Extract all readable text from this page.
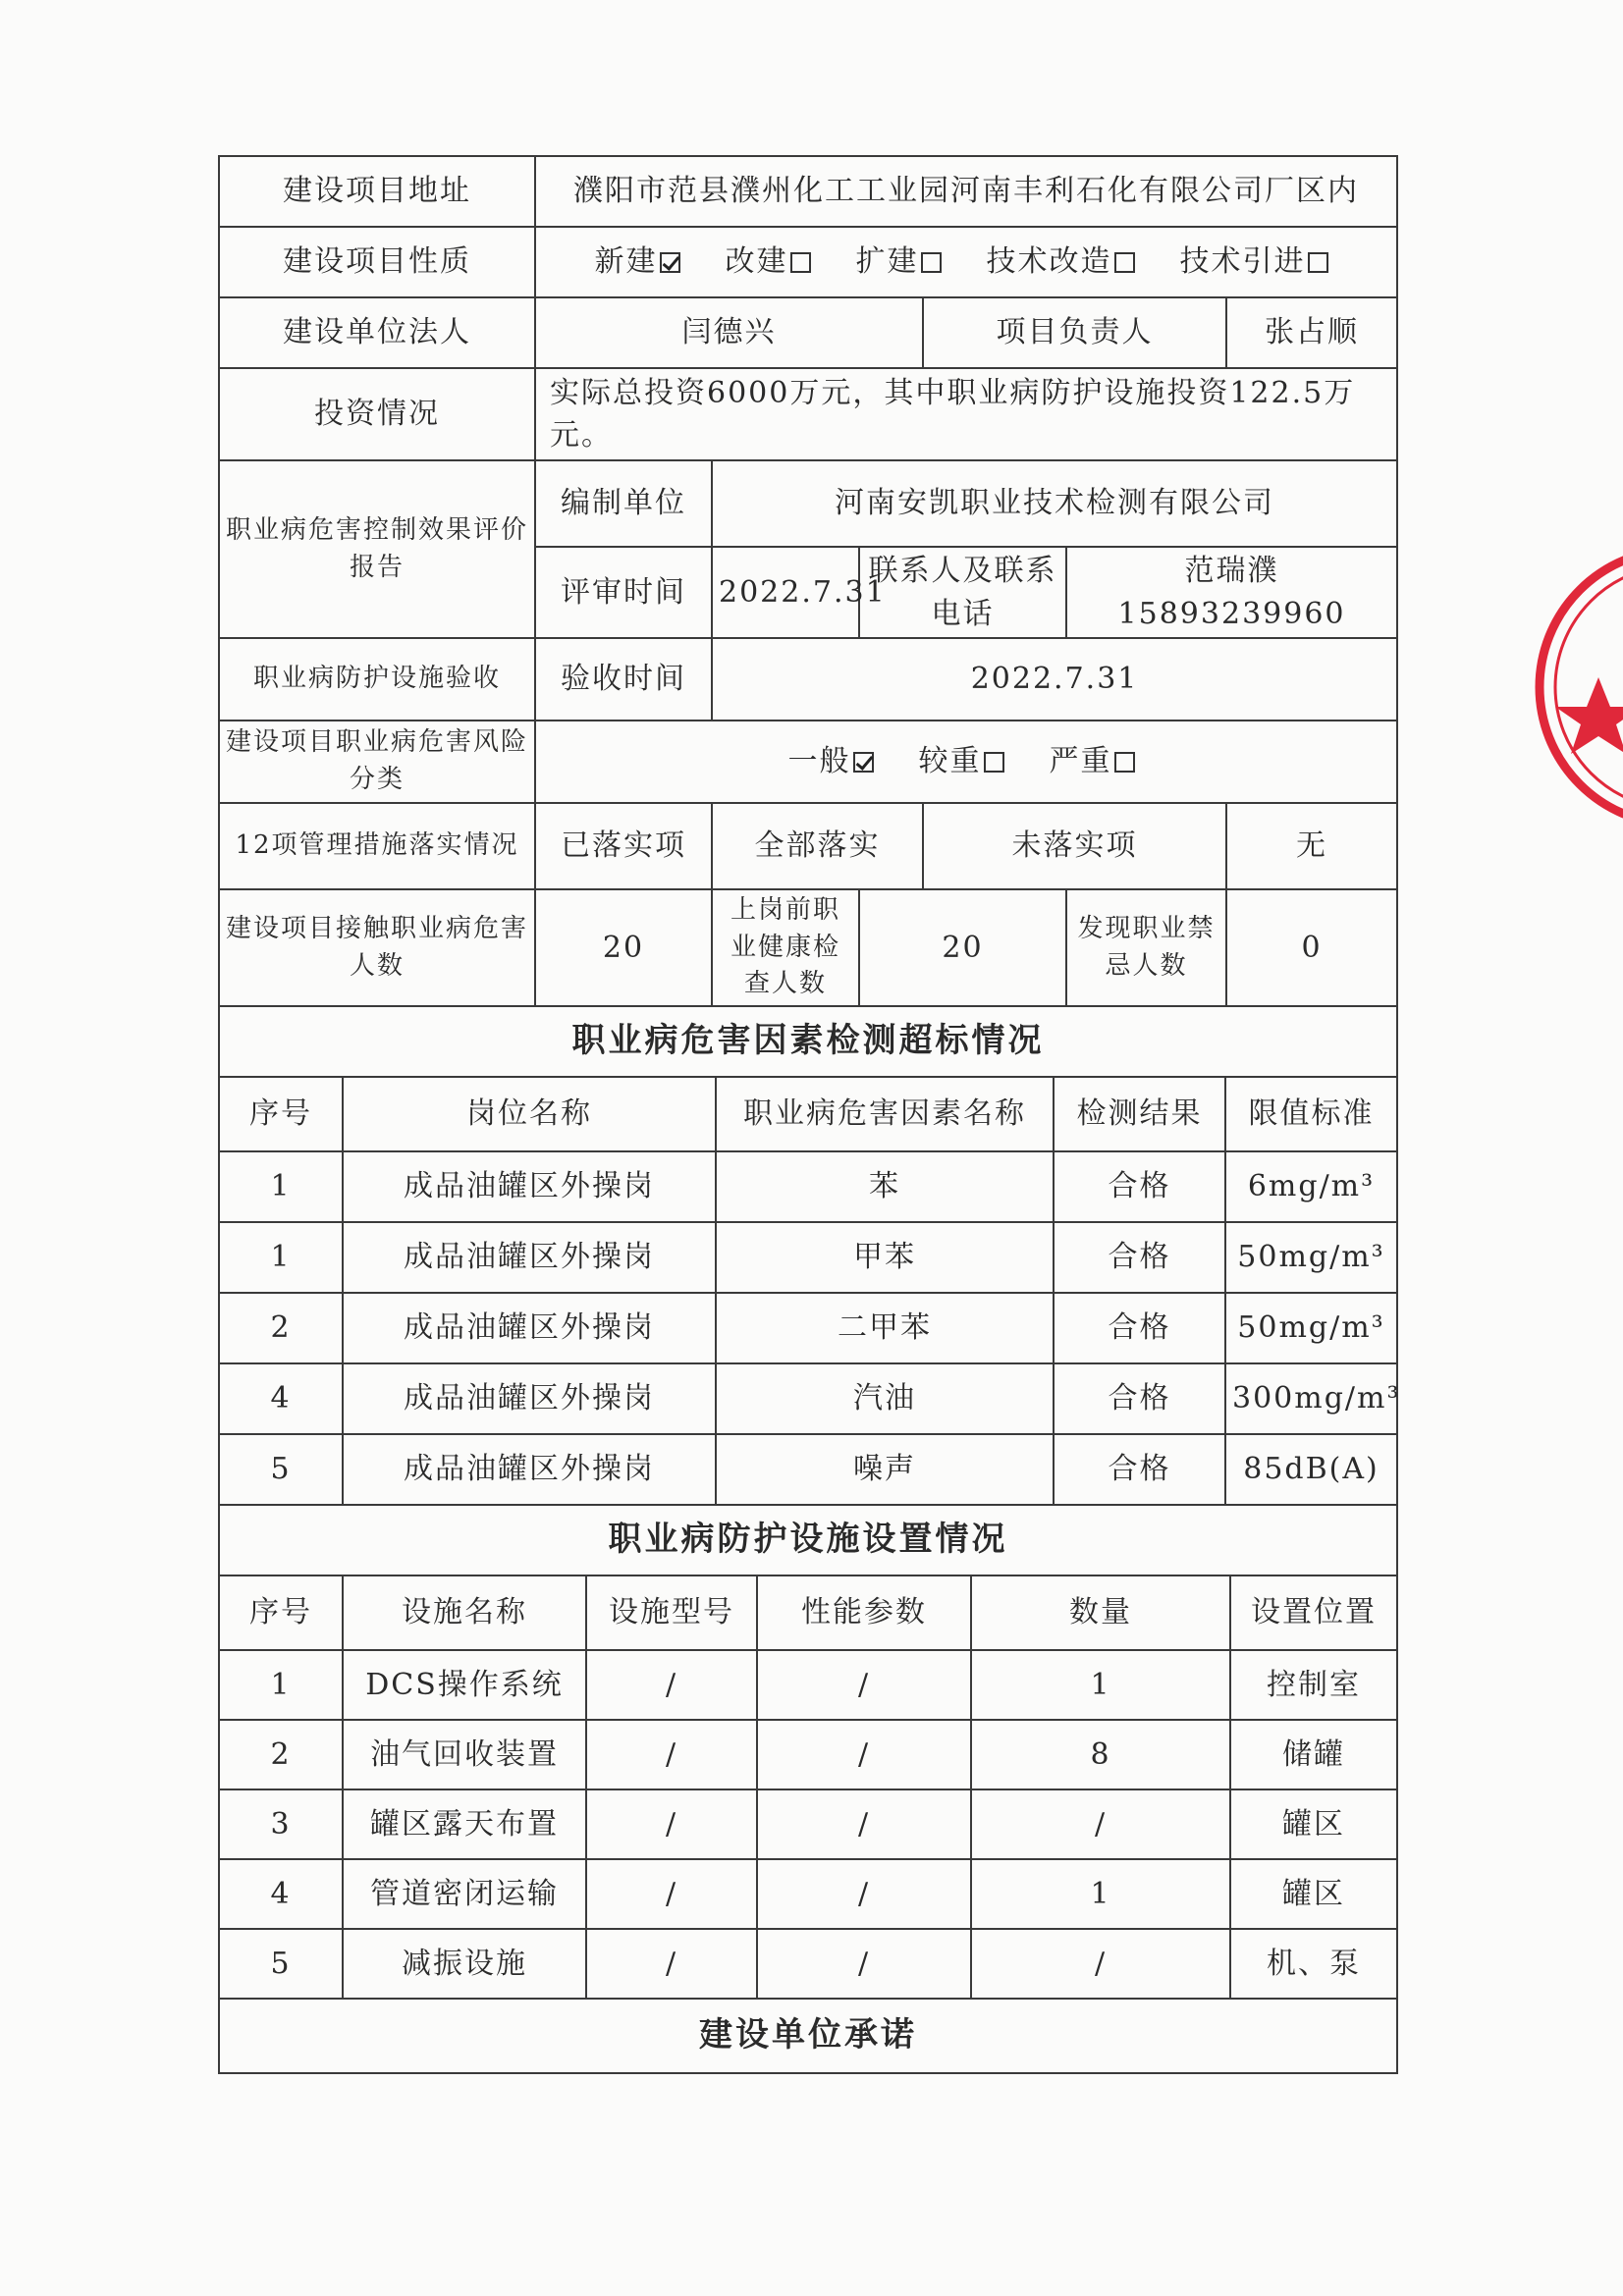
建设项目地址	濮阳市范县濮州化工工业园河南丰利石化有限公司厂区内					
建设项目性质	新建 改建 扩建 技术改造 技术引进					
建设单位法人	闫德兴			项目负责人		张占顺
投资情况	实际总投资6000万元，其中职业病防护设施投资122.5万元。					
职业病危害控制效果评价报告	编制单位	河南安凯职业技术检测有限公司				
	评审时间	2022.7.31	联系人及联系电话		范瑞濮 15893239960	
职业病防护设施验收	验收时间	2022.7.31				
建设项目职业病危害风险分类	一般 较重 严重					
12项管理措施落实情况	已落实项	全部落实		未落实项		无
建设项目接触职业病危害人数	20	上岗前职业健康检查人数	20		发现职业禁忌人数	0
职业病危害因素检测超标情况				
序号	岗位名称	职业病危害因素名称	检测结果	限值标准
1	成品油罐区外操岗	苯	合格	6mg/m³
1	成品油罐区外操岗	甲苯	合格	50mg/m³
2	成品油罐区外操岗	二甲苯	合格	50mg/m³
4	成品油罐区外操岗	汽油	合格	300mg/m³
5	成品油罐区外操岗	噪声	合格	85dB(A)
职业病防护设施设置情况					
序号	设施名称	设施型号	性能参数	数量	设置位置
1	DCS操作系统	/	/	1	控制室
2	油气回收装置	/	/	8	储罐
3	罐区露天布置	/	/	/	罐区
4	管道密闭运输	/	/	1	罐区
5	减振设施	/	/	/	机、泵
建设单位承诺					
